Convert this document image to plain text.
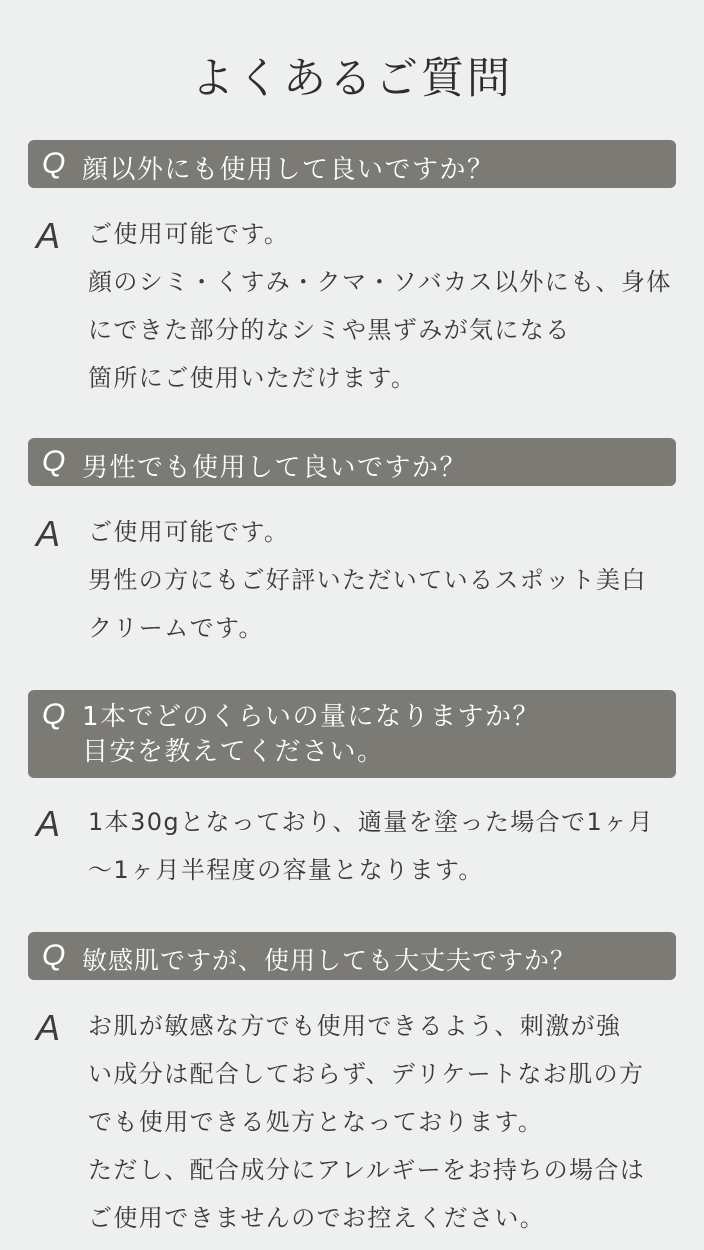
よくあるご質問
Q 顔以外にも使用して良いですか？
A	ご使用可能です。
顔のシミ・くすみ・クマ・ソバカス以外にも、身体
にできた部分的なシミや黒ずみが気になる
箇所にご使用いただけます。
Q 男性でも使用して良いですか？
A	ご使用可能です。
男性の方にもご好評いただいているスポット美白
クリームです。
Q 1本でどのくらいの量になりますか？
目安を教えてください。
A	1本30gとなっており、適量を塗った場合で1ヶ月
〜1ヶ月半程度の容量となります。
Q 敏感肌ですが、使用しても大丈夫ですか？
A	お肌が敏感な方でも使用できるよう、刺激が強
い成分は配合しておらず、デリケートなお肌の方
でも使用できる処方となっております。
ただし、配合成分にアレルギーをお持ちの場合は
ご使用できませんのでお控えください。
